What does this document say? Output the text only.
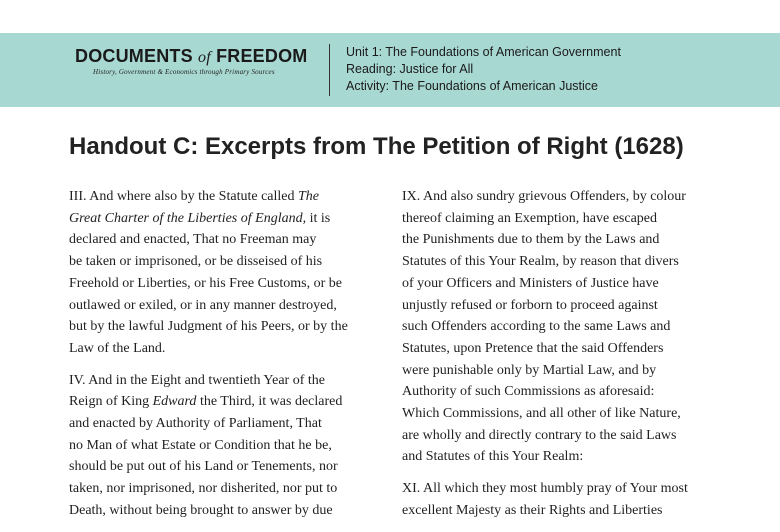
DOCUMENTS of FREEDOM
History, Government & Economics through Primary Sources
Unit 1: The Foundations of American Government
Reading: Justice for All
Activity: The Foundations of American Justice
Handout C: Excerpts from The Petition of Right (1628)

III. And where also by the Statute called The
Great Charter of the Liberties of England, it is
declared and enacted, That no Freeman may
be taken or imprisoned, or be disseised of his
Freehold or Liberties, or his Free Customs, or be
outlawed or exiled, or in any manner destroyed,
but by the lawful Judgment of his Peers, or by the
Law of the Land.

IV. And in the Eight and twentieth Year of the
Reign of King Edward the Third, it was declared
and enacted by Authority of Parliament, That
no Man of what Estate or Condition that he be,
should be put out of his Land or Tenements, nor
taken, nor imprisoned, nor disherited, nor put to
Death, without being brought to answer by due

IX. And also sundry grievous Offenders, by colour
thereof claiming an Exemption, have escaped
the Punishments due to them by the Laws and
Statutes of this Your Realm, by reason that divers
of your Officers and Ministers of Justice have
unjustly refused or forborn to proceed against
such Offenders according to the same Laws and
Statutes, upon Pretence that the said Offenders
were punishable only by Martial Law, and by
Authority of such Commissions as aforesaid:
Which Commissions, and all other of like Nature,
are wholly and directly contrary to the said Laws
and Statutes of this Your Realm:

XI. All which they most humbly pray of Your most
excellent Majesty as their Rights and Liberties
